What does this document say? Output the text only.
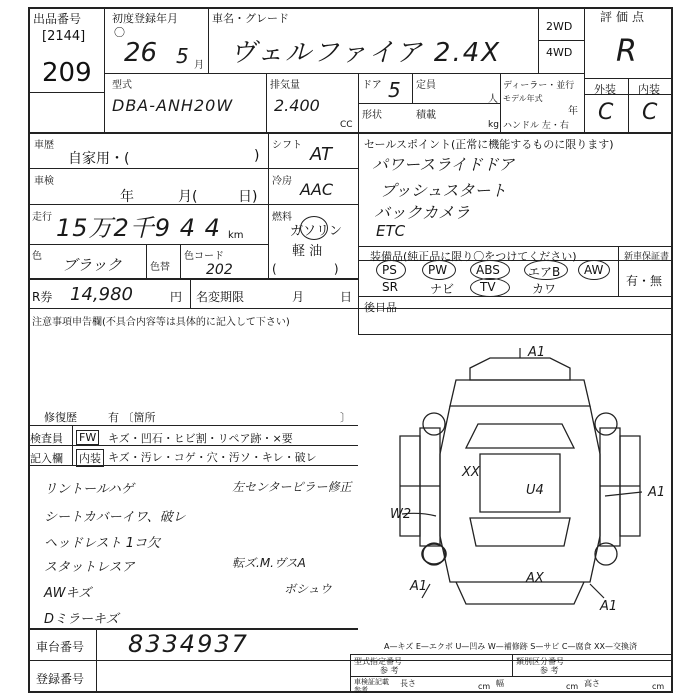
出品番号
[2144]
209
初度登録年月
〇
26 5 月
車名・グレード
ヴェルファイア 2.4X
2WD
4WD
評価点
R
外装 内装
C C
型式
DBA-ANH20W
排気量
2.400
CC
ドア 5 定員
人
形状	積載
kg
ディーラー・並行
モデル年式
年
ハンドル 左・右
車歴
自家用・(	)
シフト AT
車検
年	月(	日)
冷房 AAC
走行 15万2千9 4 4 km
燃料
ガソリン
軽 油
(               )
色 ブラック	色替
色コード
202
R券 14,980	円 名変期限	月	日
注意事項申告欄(不具合内容等は具体的に記入して下さい)
修復歴	有 〔箇所	〕
検査員
記入欄
FW キズ・凹石・ヒビ割・リペア跡・×要
内装 キズ・汚レ・コゲ・穴・汚ソ・キレ・破レ
リントールハゲ	左センターピラー修正
シートカバーイワ、破レ
ヘッドレスト 1コ欠
スタットレスア	転ズ.M.ヴスA
AWキズ	ボシュウ
Dミラーキズ
セールスポイント(正常に機能するものに限ります)
パワースライドドア
プッシュスタート
バックカメラ
ETC
装備品(純正品に限り〇をつけてください)	新車保証書
有・無
PS	PW ABS エアB AW
SR	ナビ TV	カワ
後日品
A1
XX
U4
W2
A1
A1
AX
A1
A—キズ E—エクボ U—凹み W—補修跡 S—サビ C—腐食 XX—交換済
車台番号 8334937
登録番号
型式指定番号
参 考
類別区分番号
参 考
車検証記載 参考
長さ	cm 幅	cm 高さ	cm
